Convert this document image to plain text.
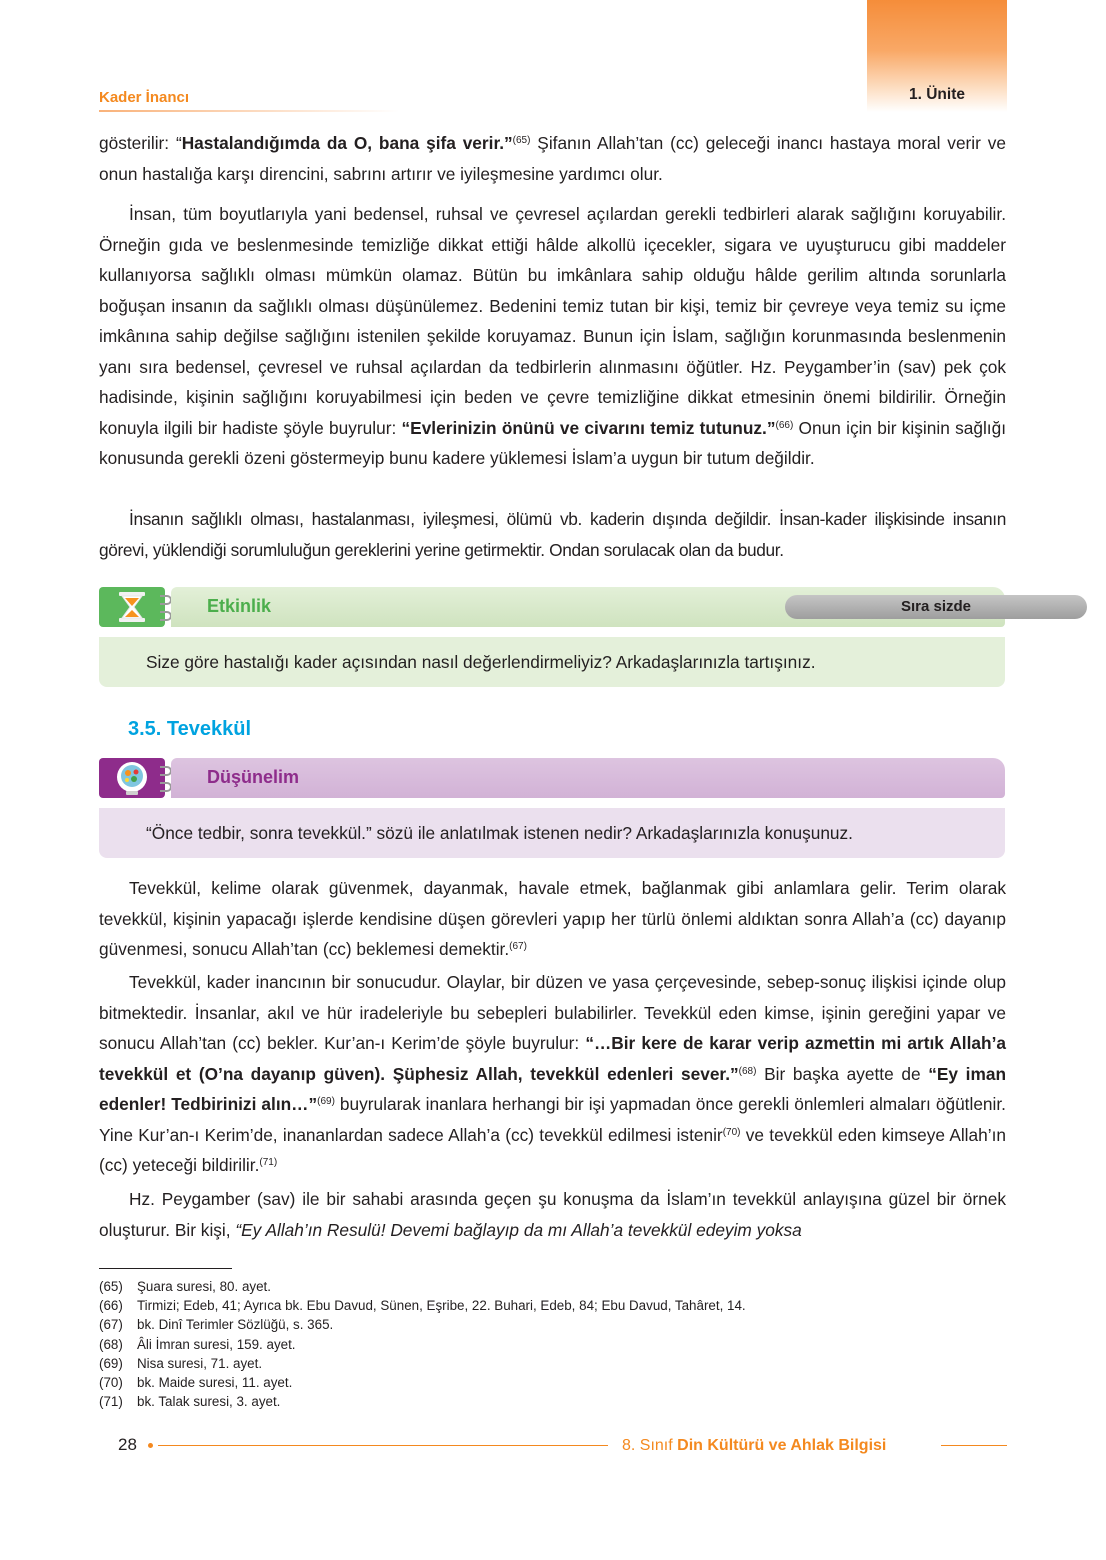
1. Ünite
Kader İnancı

gösterilir: “Hastalandığımda da O, bana şifa verir.”$^{(65)}$ Şifanın Allah’tan (cc) geleceği inancı hastaya moral verir ve onun hastalığa karşı direncini, sabrını artırır ve iyileşmesine yardımcı olur.

İnsan, tüm boyutlarıyla yani bedensel, ruhsal ve çevresel açılardan gerekli tedbirleri alarak sağlığını koruyabilir. Örneğin gıda ve beslenmesinde temizliğe dikkat ettiği hâlde alkollü içecekler, sigara ve uyuşturucu gibi maddeler kullanıyorsa sağlıklı olması mümkün olamaz. Bütün bu imkânlara sahip olduğu hâlde gerilim altında sorunlarla boğuşan insanın da sağlıklı olması düşünülemez. Bedenini temiz tutan bir kişi, temiz bir çevreye veya temiz su içme imkânına sahip değilse sağlığını istenilen şekilde koruyamaz. Bunun için İslam, sağlığın korunmasında beslenmenin yanı sıra bedensel, çevresel ve ruhsal açılardan da tedbirlerin alınmasını öğütler. Hz. Peygamber’in (sav) pek çok hadisinde, kişinin sağlığını koruyabilmesi için beden ve çevre temizliğine dikkat etmesinin önemi bildirilir. Örneğin konuyla ilgili bir hadiste şöyle buyrulur: “Evlerinizin önünü ve civarını temiz tutunuz.”$^{(66)}$ Onun için bir kişinin sağlığı konusunda gerekli özeni göstermeyip bunu kadere yüklemesi İslam’a uygun bir tutum değildir.

İnsanın sağlıklı olması, hastalanması, iyileşmesi, ölümü vb. kaderin dışında değildir. İnsan-kader ilişkisinde insanın görevi, yüklendiği sorumluluğun gereklerini yerine getirmektir. Ondan sorulacak olan da budur.

Etkinlik	Sıra sizde
Size göre hastalığı kader açısından nasıl değerlendirmeliyiz? Arkadaşlarınızla tartışınız.
3.5. Tevekkül
Düşünelim
“Önce tedbir, sonra tevekkül.” sözü ile anlatılmak istenen nedir? Arkadaşlarınızla konuşunuz.

Tevekkül, kelime olarak güvenmek, dayanmak, havale etmek, bağlanmak gibi anlamlara gelir. Terim olarak tevekkül, kişinin yapacağı işlerde kendisine düşen görevleri yapıp her türlü önlemi aldıktan sonra Allah’a (cc) dayanıp güvenmesi, sonucu Allah’tan (cc) beklemesi demektir.$^{(67)}$

Tevekkül, kader inancının bir sonucudur. Olaylar, bir düzen ve yasa çerçevesinde, sebep-sonuç ilişkisi içinde olup bitmektedir. İnsanlar, akıl ve hür iradeleriyle bu sebepleri bulabilirler. Tevekkül eden kimse, işinin gereğini yapar ve sonucu Allah’tan (cc) bekler. Kur’an-ı Kerim’de şöyle buyrulur: “…Bir kere de karar verip azmettin mi artık Allah’a tevekkül et (O’na dayanıp güven). Şüphesiz Allah, tevekkül edenleri sever.”$^{(68)}$ Bir başka ayette de “Ey iman edenler! Tedbirinizi alın…”$^{(69)}$ buyrularak inanlara herhangi bir işi yapmadan önce gerekli önlemleri almaları öğütlenir. Yine Kur’an-ı Kerim’de, inananlardan sadece Allah’a (cc) tevekkül edilmesi istenir$^{(70)}$ ve tevekkül eden kimseye Allah’ın (cc) yeteceği bildirilir.$^{(71)}$

Hz. Peygamber (sav) ile bir sahabi arasında geçen şu konuşma da İslam’ın tevekkül anlayışına güzel bir örnek oluşturur. Bir kişi, “Ey Allah’ın Resulü! Devemi bağlayıp da mı Allah’a tevekkül edeyim yoksa

(65)	Şuara suresi, 80. ayet.
(66)	Tirmizi; Edeb, 41; Ayrıca bk. Ebu Davud, Sünen, Eşribe, 22. Buhari, Edeb, 84; Ebu Davud, Tahâret, 14.
(67)	bk. Dinî Terimler Sözlüğü, s. 365.
(68)	Âli İmran suresi, 159. ayet.
(69)	Nisa suresi, 71. ayet.
(70)	bk. Maide suresi, 11. ayet.
(71)	bk. Talak suresi, 3. ayet.
28	8. Sınıf Din Kültürü ve Ahlak Bilgisi
